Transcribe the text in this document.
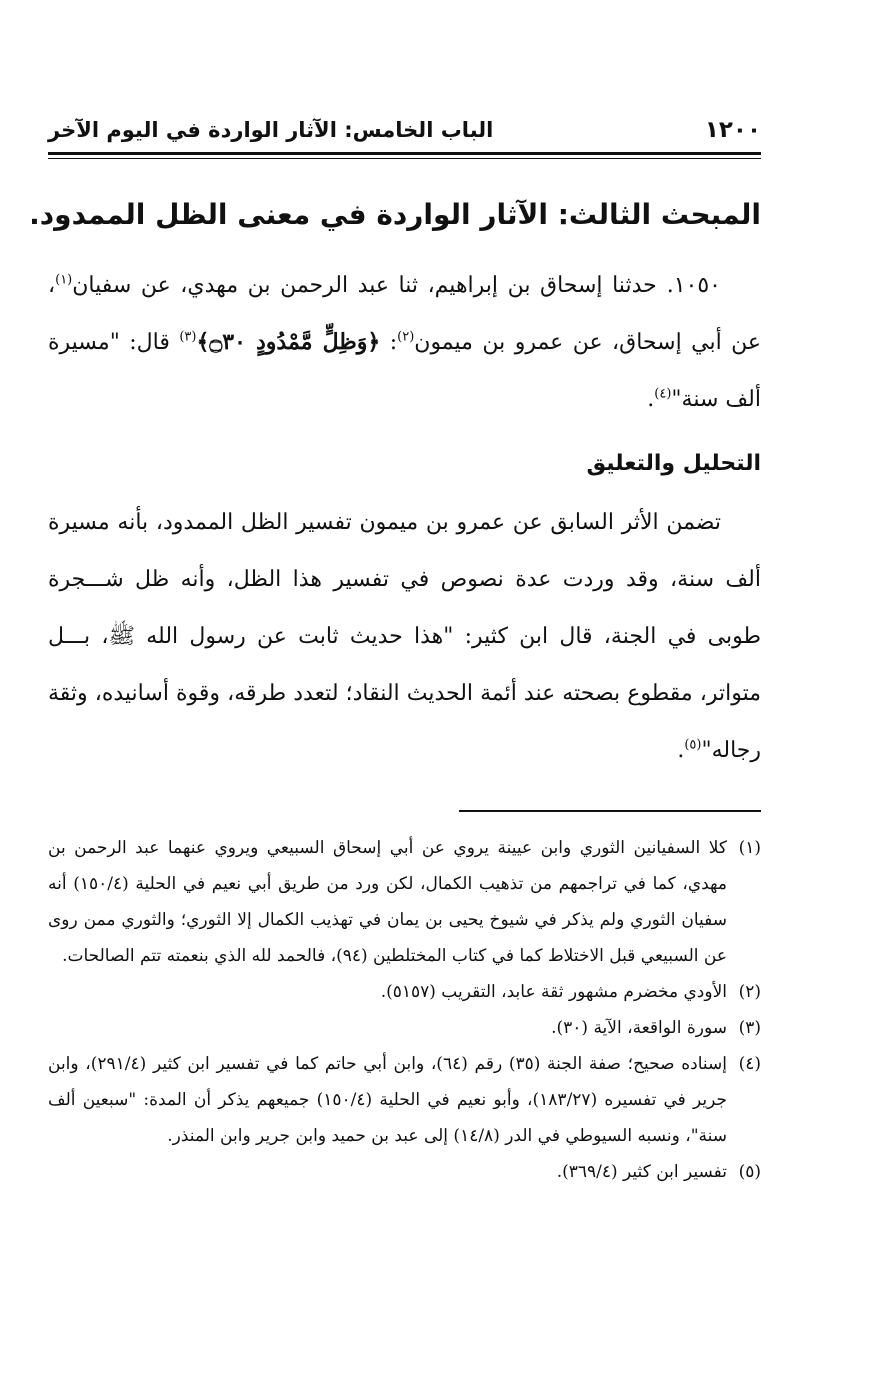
١٢٠٠
الباب الخامس: الآثار الواردة في اليوم الآخر
المبحث الثالث: الآثار الواردة في معنى الظل الممدود.

١٠٥٠.حدثنا إسحاق بن إبراهيم، ثنا عبد الرحمن بن مهدي، عن سفيان$^{(١)}$، عن أبي إسحاق، عن عمرو بن ميمون$^{(٢)}$: ﴿وَظِلٍّ مَّمْدُودٍ ۝٣٠﴾$^{(٣)}$ قال: "مسيرة ألف سنة"$^{(٤)}$.

التحليل والتعليق

تضمن الأثر السابق عن عمرو بن ميمون تفسير الظل الممدود، بأنه مسيرة ألف سنة، وقد وردت عدة نصوص في تفسير هذا الظل، وأنه ظل شـــجرة طوبى في الجنة، قال ابن كثير: "هذا حديث ثابت عن رسول الله ﷺ، بـــل متواتر، مقطوع بصحته عند أئمة الحديث النقاد؛ لتعدد طرقه، وقوة أسانيده، وثقة رجاله"$^{(٥)}$.

(١)كلا السفيانين الثوري وابن عيينة يروي عن أبي إسحاق السبيعي ويروي عنهما عبد الرحمن بن مهدي، كما في تراجمهم من تذهيب الكمال، لكن ورد من طريق أبي نعيم في الحلية (١٥٠/٤) أنه سفيان الثوري ولم يذكر في شيوخ يحيى بن يمان في تهذيب الكمال إلا الثوري؛ والثوري ممن روى عن السبيعي قبل الاختلاط كما في كتاب المختلطين (٩٤)، فالحمد لله الذي بنعمته تتم الصالحات.

(٢)الأودي مخضرم مشهور ثقة عابد، التقريب (٥١٥٧).

(٣)سورة الواقعة، الآية (٣٠).

(٤)إسناده صحيح؛ صفة الجنة (٣٥) رقم (٦٤)، وابن أبي حاتم كما في تفسير ابن كثير (٢٩١/٤)، وابن جرير في تفسيره (١٨٣/٢٧)، وأبو نعيم في الحلية (١٥٠/٤) جميعهم يذكر أن المدة: "سبعين ألف سنة"، ونسبه السيوطي في الدر (١٤/٨) إلى عبد بن حميد وابن جرير وابن المنذر.

(٥)تفسير ابن كثير (٣٦٩/٤).
